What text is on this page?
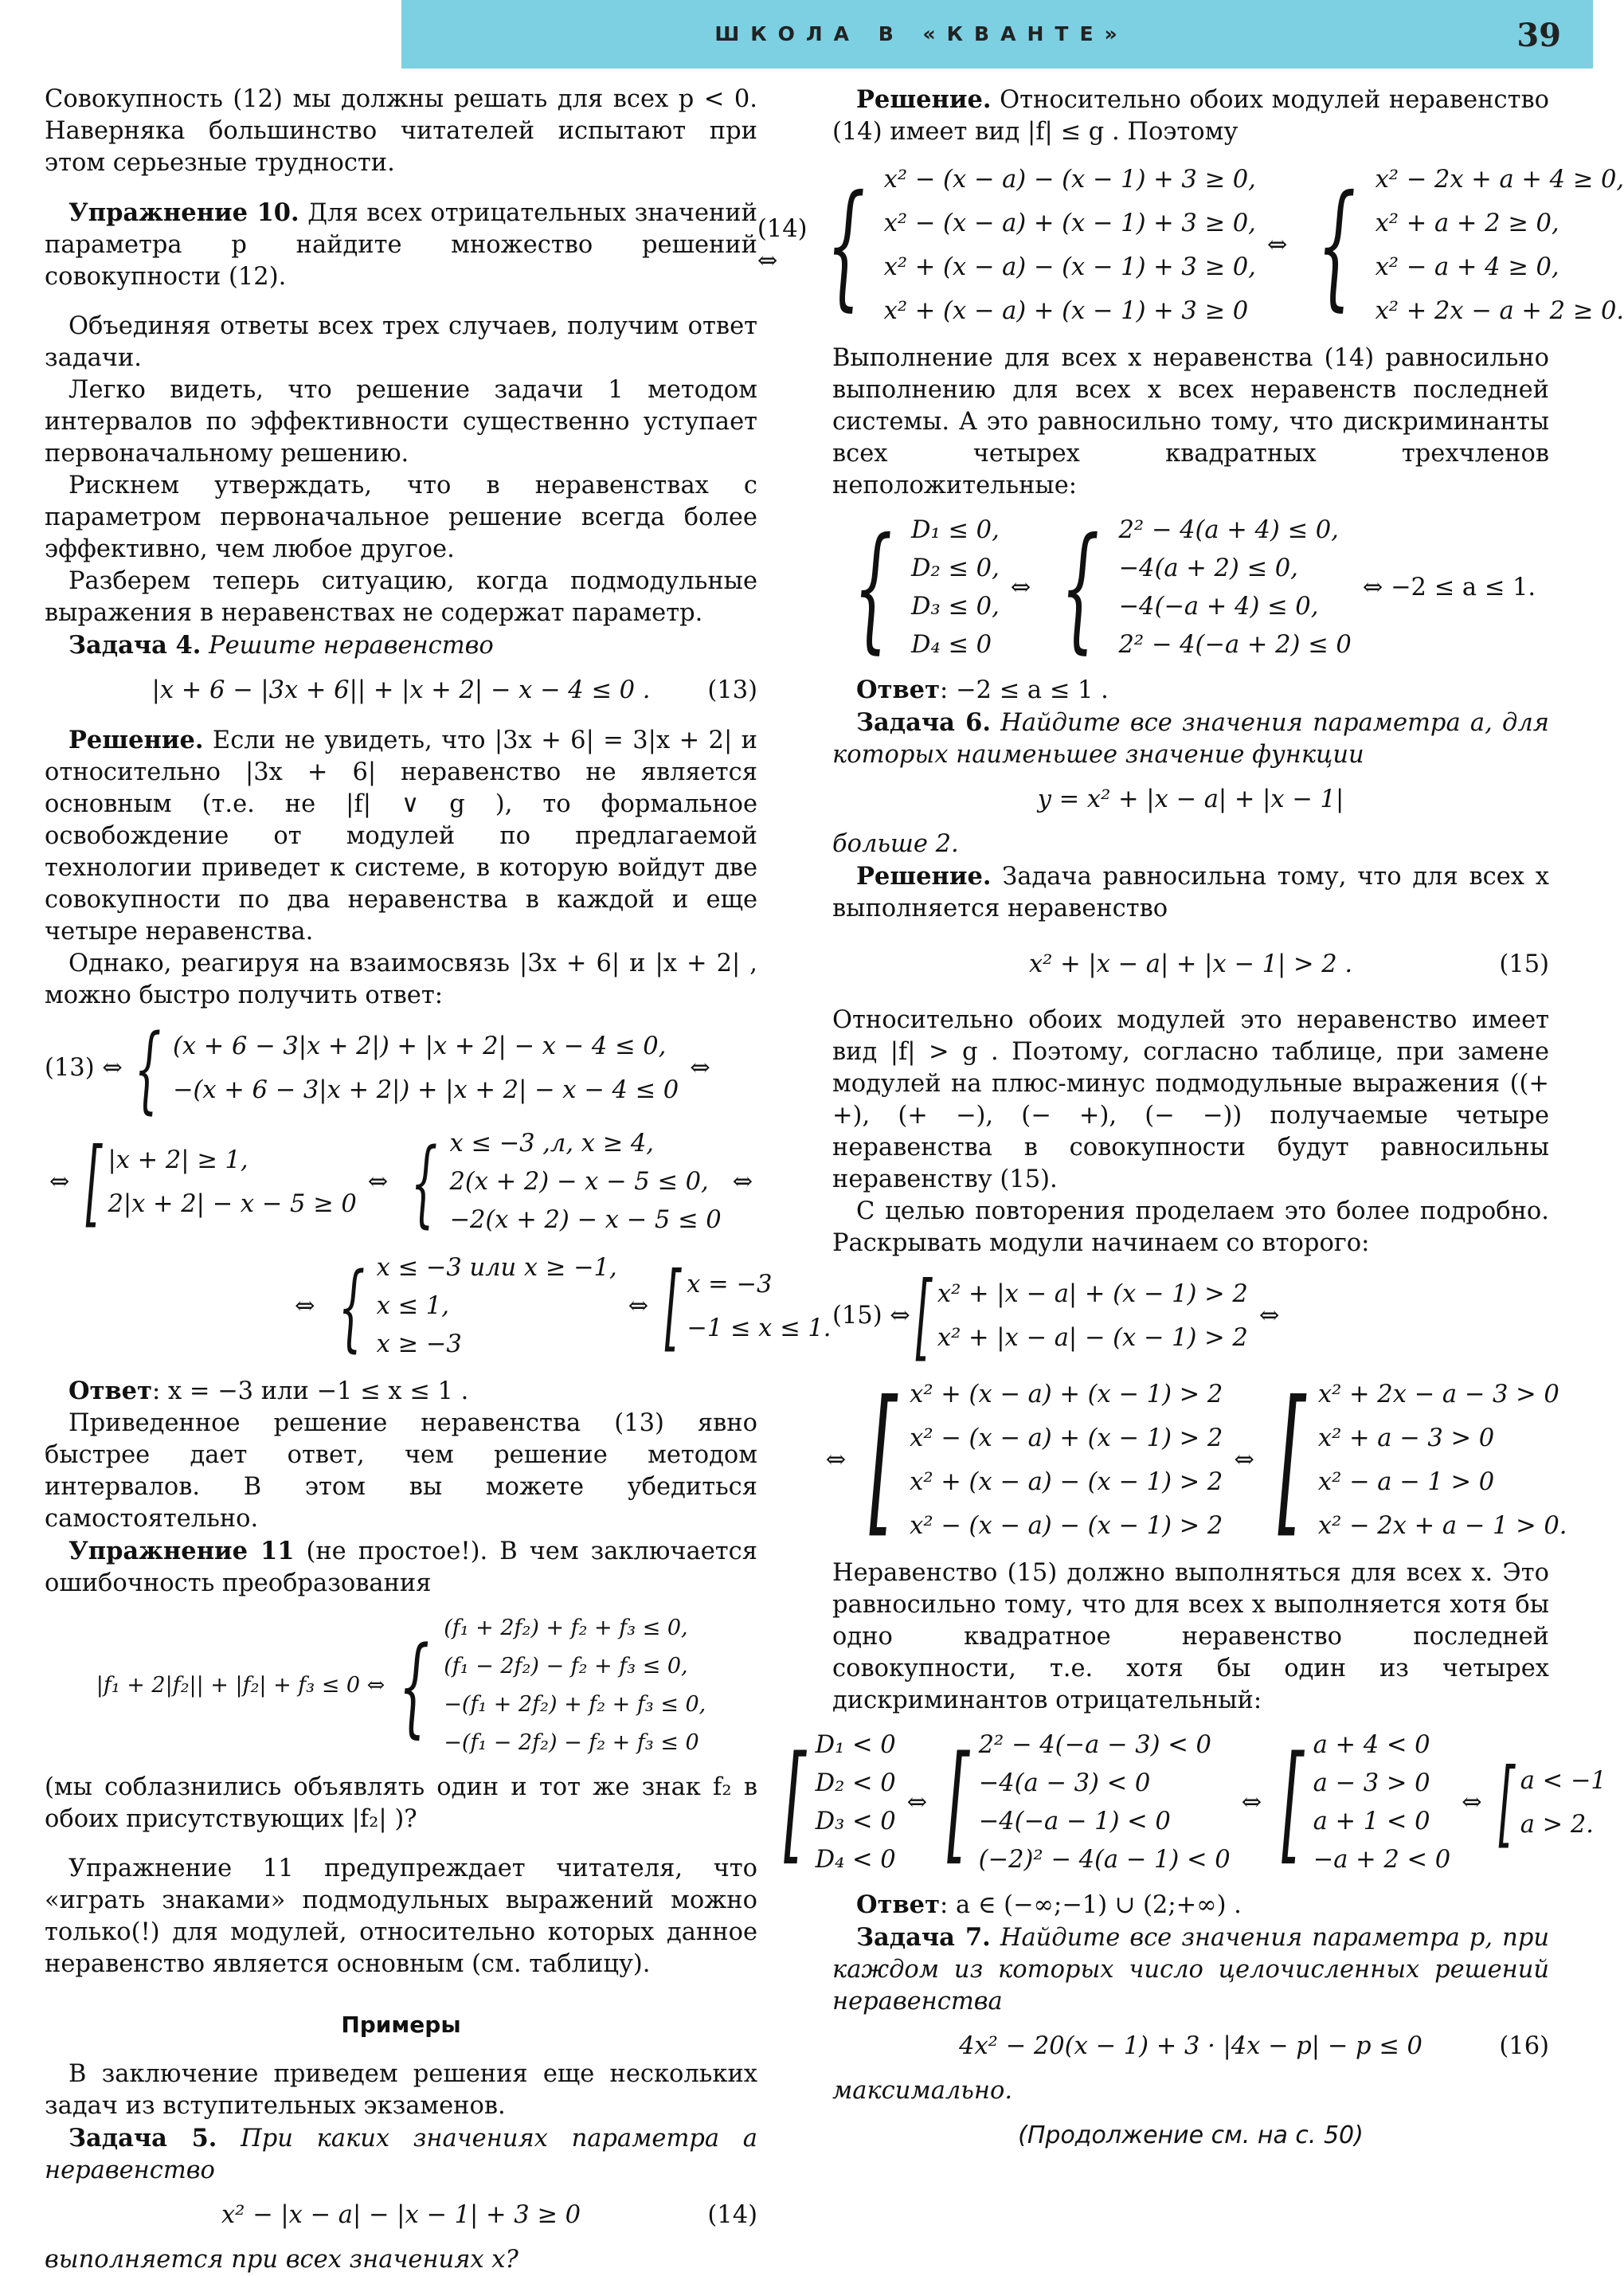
ШКОЛА В «КВАНТЕ»	39

Совокупность (12) мы должны решать для всех p < 0. Наверняка большинство читателей испытают при этом серьезные трудности.

Упражнение 10. Для всех отрицательных значений параметра p найдите множество решений совокупности (12).

Объединяя ответы всех трех случаев, получим ответ задачи.

Легко видеть, что решение задачи 1 методом интервалов по эффективности существенно уступает первоначальному решению.

Рискнем утверждать, что в неравенствах с параметром первоначальное решение всегда более эффективно, чем любое другое.

Разберем теперь ситуацию, когда подмодульные выражения в неравенствах не содержат параметр.

Задача 4. Решите неравенство

|x + 6 − |3x + 6|| + |x + 2| − x − 4 ≤ 0 . (13)

Решение. Если не увидеть, что |3x + 6| = 3|x + 2| и относительно |3x + 6| неравенство не является основным (т.е. не |f| ∨ g ), то формальное освобождение от модулей по предлагаемой технологии приведет к системе, в которую войдут две совокупности по два неравенства в каждой и еще четыре неравенства.

Однако, реагируя на взаимосвязь |3x + 6| и |x + 2| , можно быстро получить ответ:

(13) ⇔ { (x + 6 − 3|x + 2|) + |x + 2| − x − 4 ≤ 0,
−(x + 6 − 3|x + 2|) + |x + 2| − x − 4 ≤ 0
⇔
⇔ [ |x + 2| ≥ 1,
2|x + 2| − x − 5 ≥ 0
⇔ { x ≤ −3 ,л, x ≥ 4,
2(x + 2) − x − 5 ≤ 0,
−2(x + 2) − x − 5 ≤ 0
⇔
⇔ { x ≤ −3 или x ≥ −1,
x ≤ 1,
x ≥ −3
⇔ [ x = −3
−1 ≤ x ≤ 1.

Ответ: x = −3 или −1 ≤ x ≤ 1 .

Приведенное решение неравенства (13) явно быстрее дает ответ, чем решение методом интервалов. В этом вы можете убедиться самостоятельно.

Упражнение 11 (не простое!). В чем заключается ошибочность преобразования

|f₁ + 2|f₂|| + |f₂| + f₃ ≤ 0 ⇔ { (f₁ + 2f₂) + f₂ + f₃ ≤ 0,
(f₁ − 2f₂) − f₂ + f₃ ≤ 0,
−(f₁ + 2f₂) + f₂ + f₃ ≤ 0,
−(f₁ − 2f₂) − f₂ + f₃ ≤ 0

(мы соблазнились объявлять один и тот же знак f₂ в обоих присутствующих |f₂| )?

Упражнение 11 предупреждает читателя, что «играть знаками» подмодульных выражений можно только(!) для модулей, относительно которых данное неравенство является основным (см. таблицу).

Примеры

В заключение приведем решения еще нескольких задач из вступительных экзаменов.

Задача 5. При каких значениях параметра a неравенство

x² − |x − a| − |x − 1| + 3 ≥ 0	(14)

выполняется при всех значениях x?

Решение. Относительно обоих модулей неравенство (14) имеет вид |f| ≤ g . Поэтому

(14) ⇔ { x² − (x − a) − (x − 1) + 3 ≥ 0,
x² − (x − a) + (x − 1) + 3 ≥ 0,
x² + (x − a) − (x − 1) + 3 ≥ 0,
x² + (x − a) + (x − 1) + 3 ≥ 0
⇔ { x² − 2x + a + 4 ≥ 0,
x² + a + 2 ≥ 0,
x² − a + 4 ≥ 0,
x² + 2x − a + 2 ≥ 0.

Выполнение для всех x неравенства (14) равносильно выполнению для всех x всех неравенств последней системы. А это равносильно тому, что дискриминанты всех четырех квадратных трехчленов неположительные:

{ D₁ ≤ 0,
D₂ ≤ 0,
D₃ ≤ 0,
D₄ ≤ 0
⇔ { 2² − 4(a + 4) ≤ 0,
−4(a + 2) ≤ 0,
−4(−a + 4) ≤ 0,
2² − 4(−a + 2) ≤ 0
⇔ −2 ≤ a ≤ 1.

Ответ: −2 ≤ a ≤ 1 .

Задача 6. Найдите все значения параметра a, для которых наименьшее значение функции

y = x² + |x − a| + |x − 1|

больше 2.

Решение. Задача равносильна тому, что для всех x выполняется неравенство

x² + |x − a| + |x − 1| > 2 .	(15)

Относительно обоих модулей это неравенство имеет вид |f| > g . Поэтому, согласно таблице, при замене модулей на плюс-минус подмодульные выражения ((+ +), (+ −), (− +), (− −)) получаемые четыре неравенства в совокупности будут равносильны неравенству (15).

С целью повторения проделаем это более подробно. Раскрывать модули начинаем со второго:

(15) ⇔ [ x² + |x − a| + (x − 1) > 2
x² + |x − a| − (x − 1) > 2
⇔
⇔ [ x² + (x − a) + (x − 1) > 2
x² − (x − a) + (x − 1) > 2
x² + (x − a) − (x − 1) > 2
x² − (x − a) − (x − 1) > 2
⇔ [ x² + 2x − a − 3 > 0
x² + a − 3 > 0
x² − a − 1 > 0
x² − 2x + a − 1 > 0.

Неравенство (15) должно выполняться для всех x. Это равносильно тому, что для всех x выполняется хотя бы одно квадратное неравенство последней совокупности, т.е. хотя бы один из четырех дискриминантов отрицательный:

[ D₁ < 0
D₂ < 0
D₃ < 0
D₄ < 0
⇔ [ 2² − 4(−a − 3) < 0
−4(a − 3) < 0
−4(−a − 1) < 0
(−2)² − 4(a − 1) < 0
⇔ [ a + 4 < 0
a − 3 > 0
a + 1 < 0
−a + 2 < 0
⇔ [ a < −1
a > 2.

Ответ: a ∈ (−∞;−1) ∪ (2;+∞) .

Задача 7. Найдите все значения параметра p, при каждом из которых число целочисленных решений неравенства

4x² − 20(x − 1) + 3 · |4x − p| − p ≤ 0	(16)

максимально.

(Продолжение см. на с. 50)
